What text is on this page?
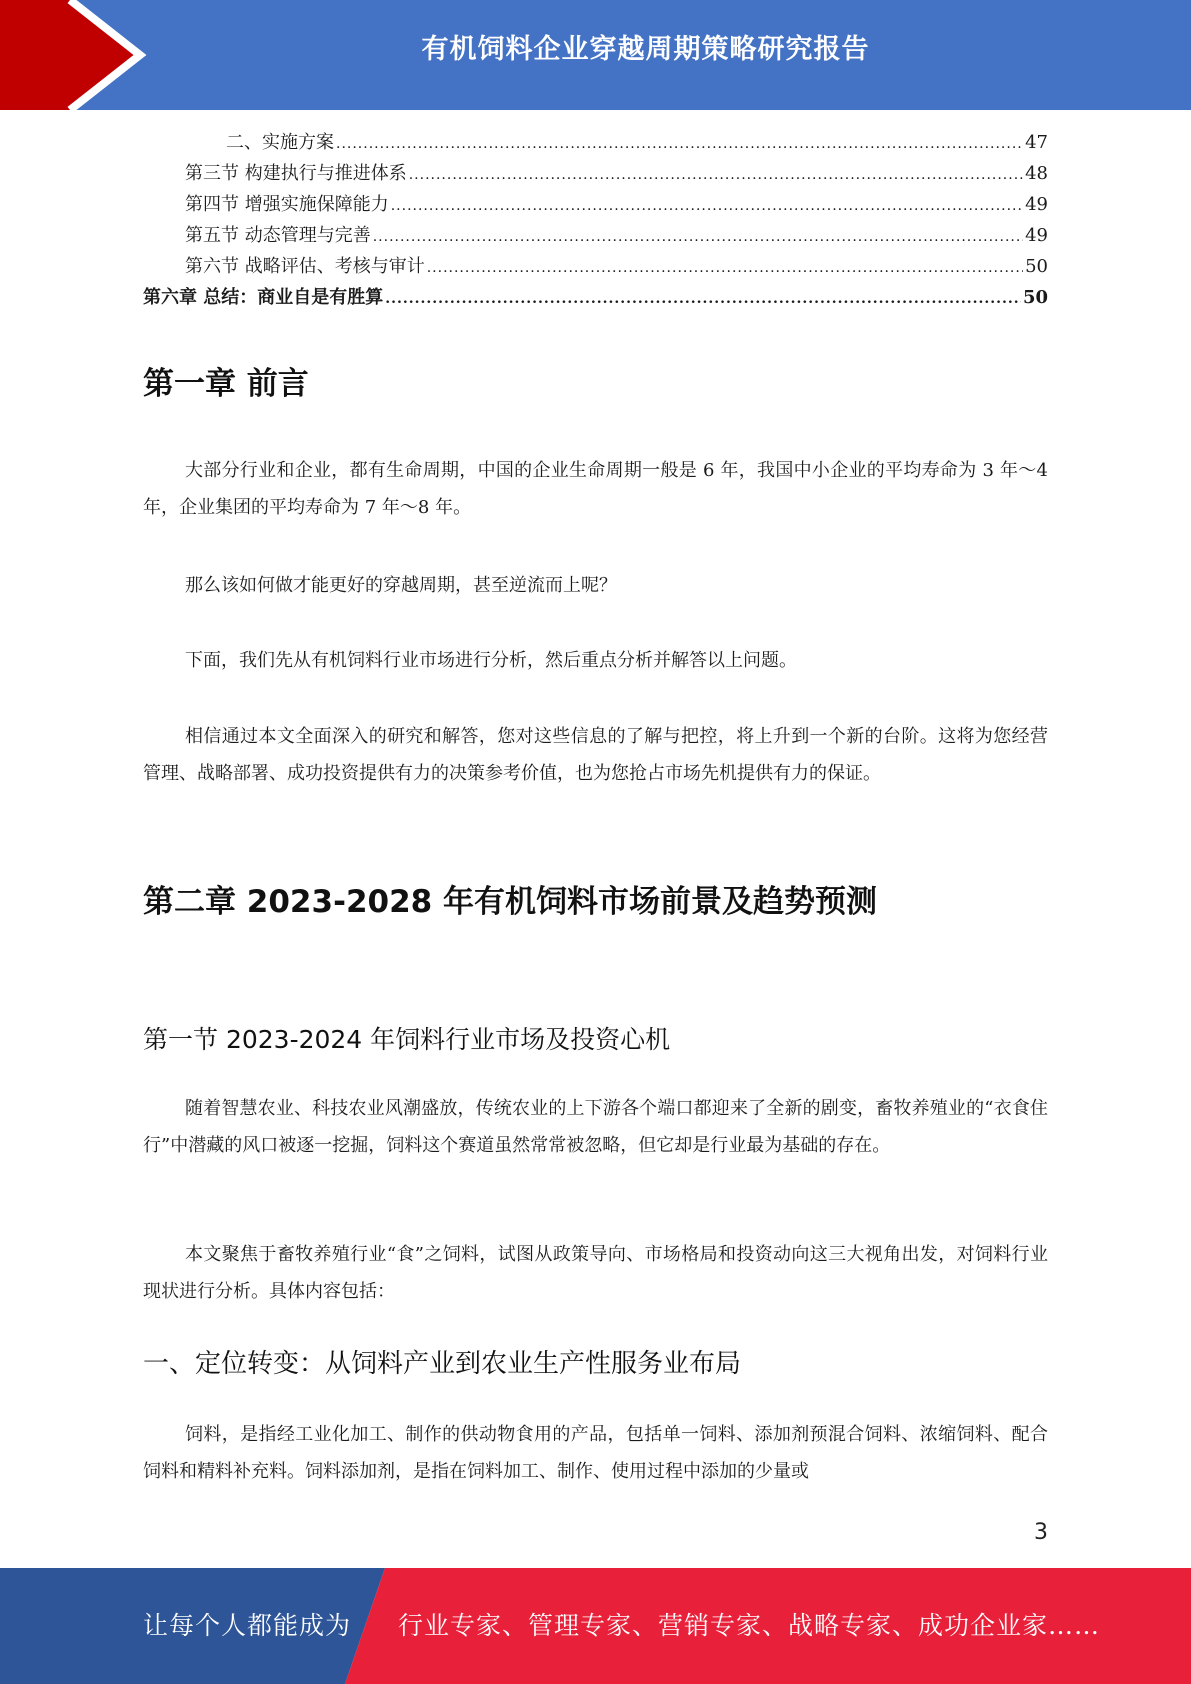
有机饲料企业穿越周期策略研究报告
二、实施方案 .....	47
第三节 构建执行与推进体系 .....	48
第四节 增强实施保障能力 .....	49
第五节 动态管理与完善 .....	49
第六节 战略评估、考核与审计 .....	50
第六章 总结：商业自是有胜算 .....	50
第一章 前言

大部分行业和企业，都有生命周期，中国的企业生命周期一般是 6 年，我国中小企业的平均寿命为 3 年～4 年，企业集团的平均寿命为 7 年～8 年。

那么该如何做才能更好的穿越周期，甚至逆流而上呢？

下面，我们先从有机饲料行业市场进行分析，然后重点分析并解答以上问题。

相信通过本文全面深入的研究和解答，您对这些信息的了解与把控，将上升到一个新的台阶。这将为您经营管理、战略部署、成功投资提供有力的决策参考价值，也为您抢占市场先机提供有力的保证。

第二章 2023-2028 年有机饲料市场前景及趋势预测
第一节 2023-2024 年饲料行业市场及投资心机

随着智慧农业、科技农业风潮盛放，传统农业的上下游各个端口都迎来了全新的剧变，畜牧养殖业的“衣食住行”中潜藏的风口被逐一挖掘，饲料这个赛道虽然常常被忽略，但它却是行业最为基础的存在。

本文聚焦于畜牧养殖行业“食”之饲料，试图从政策导向、市场格局和投资动向这三大视角出发，对饲料行业现状进行分析。具体内容包括：

一、定位转变：从饲料产业到农业生产性服务业布局

饲料，是指经工业化加工、制作的供动物食用的产品，包括单一饲料、添加剂预混合饲料、浓缩饲料、配合饲料和精料补充料。饲料添加剂，是指在饲料加工、制作、使用过程中添加的少量或

3
让每个人都能成为 行业专家、管理专家、营销专家、战略专家、成功企业家……
